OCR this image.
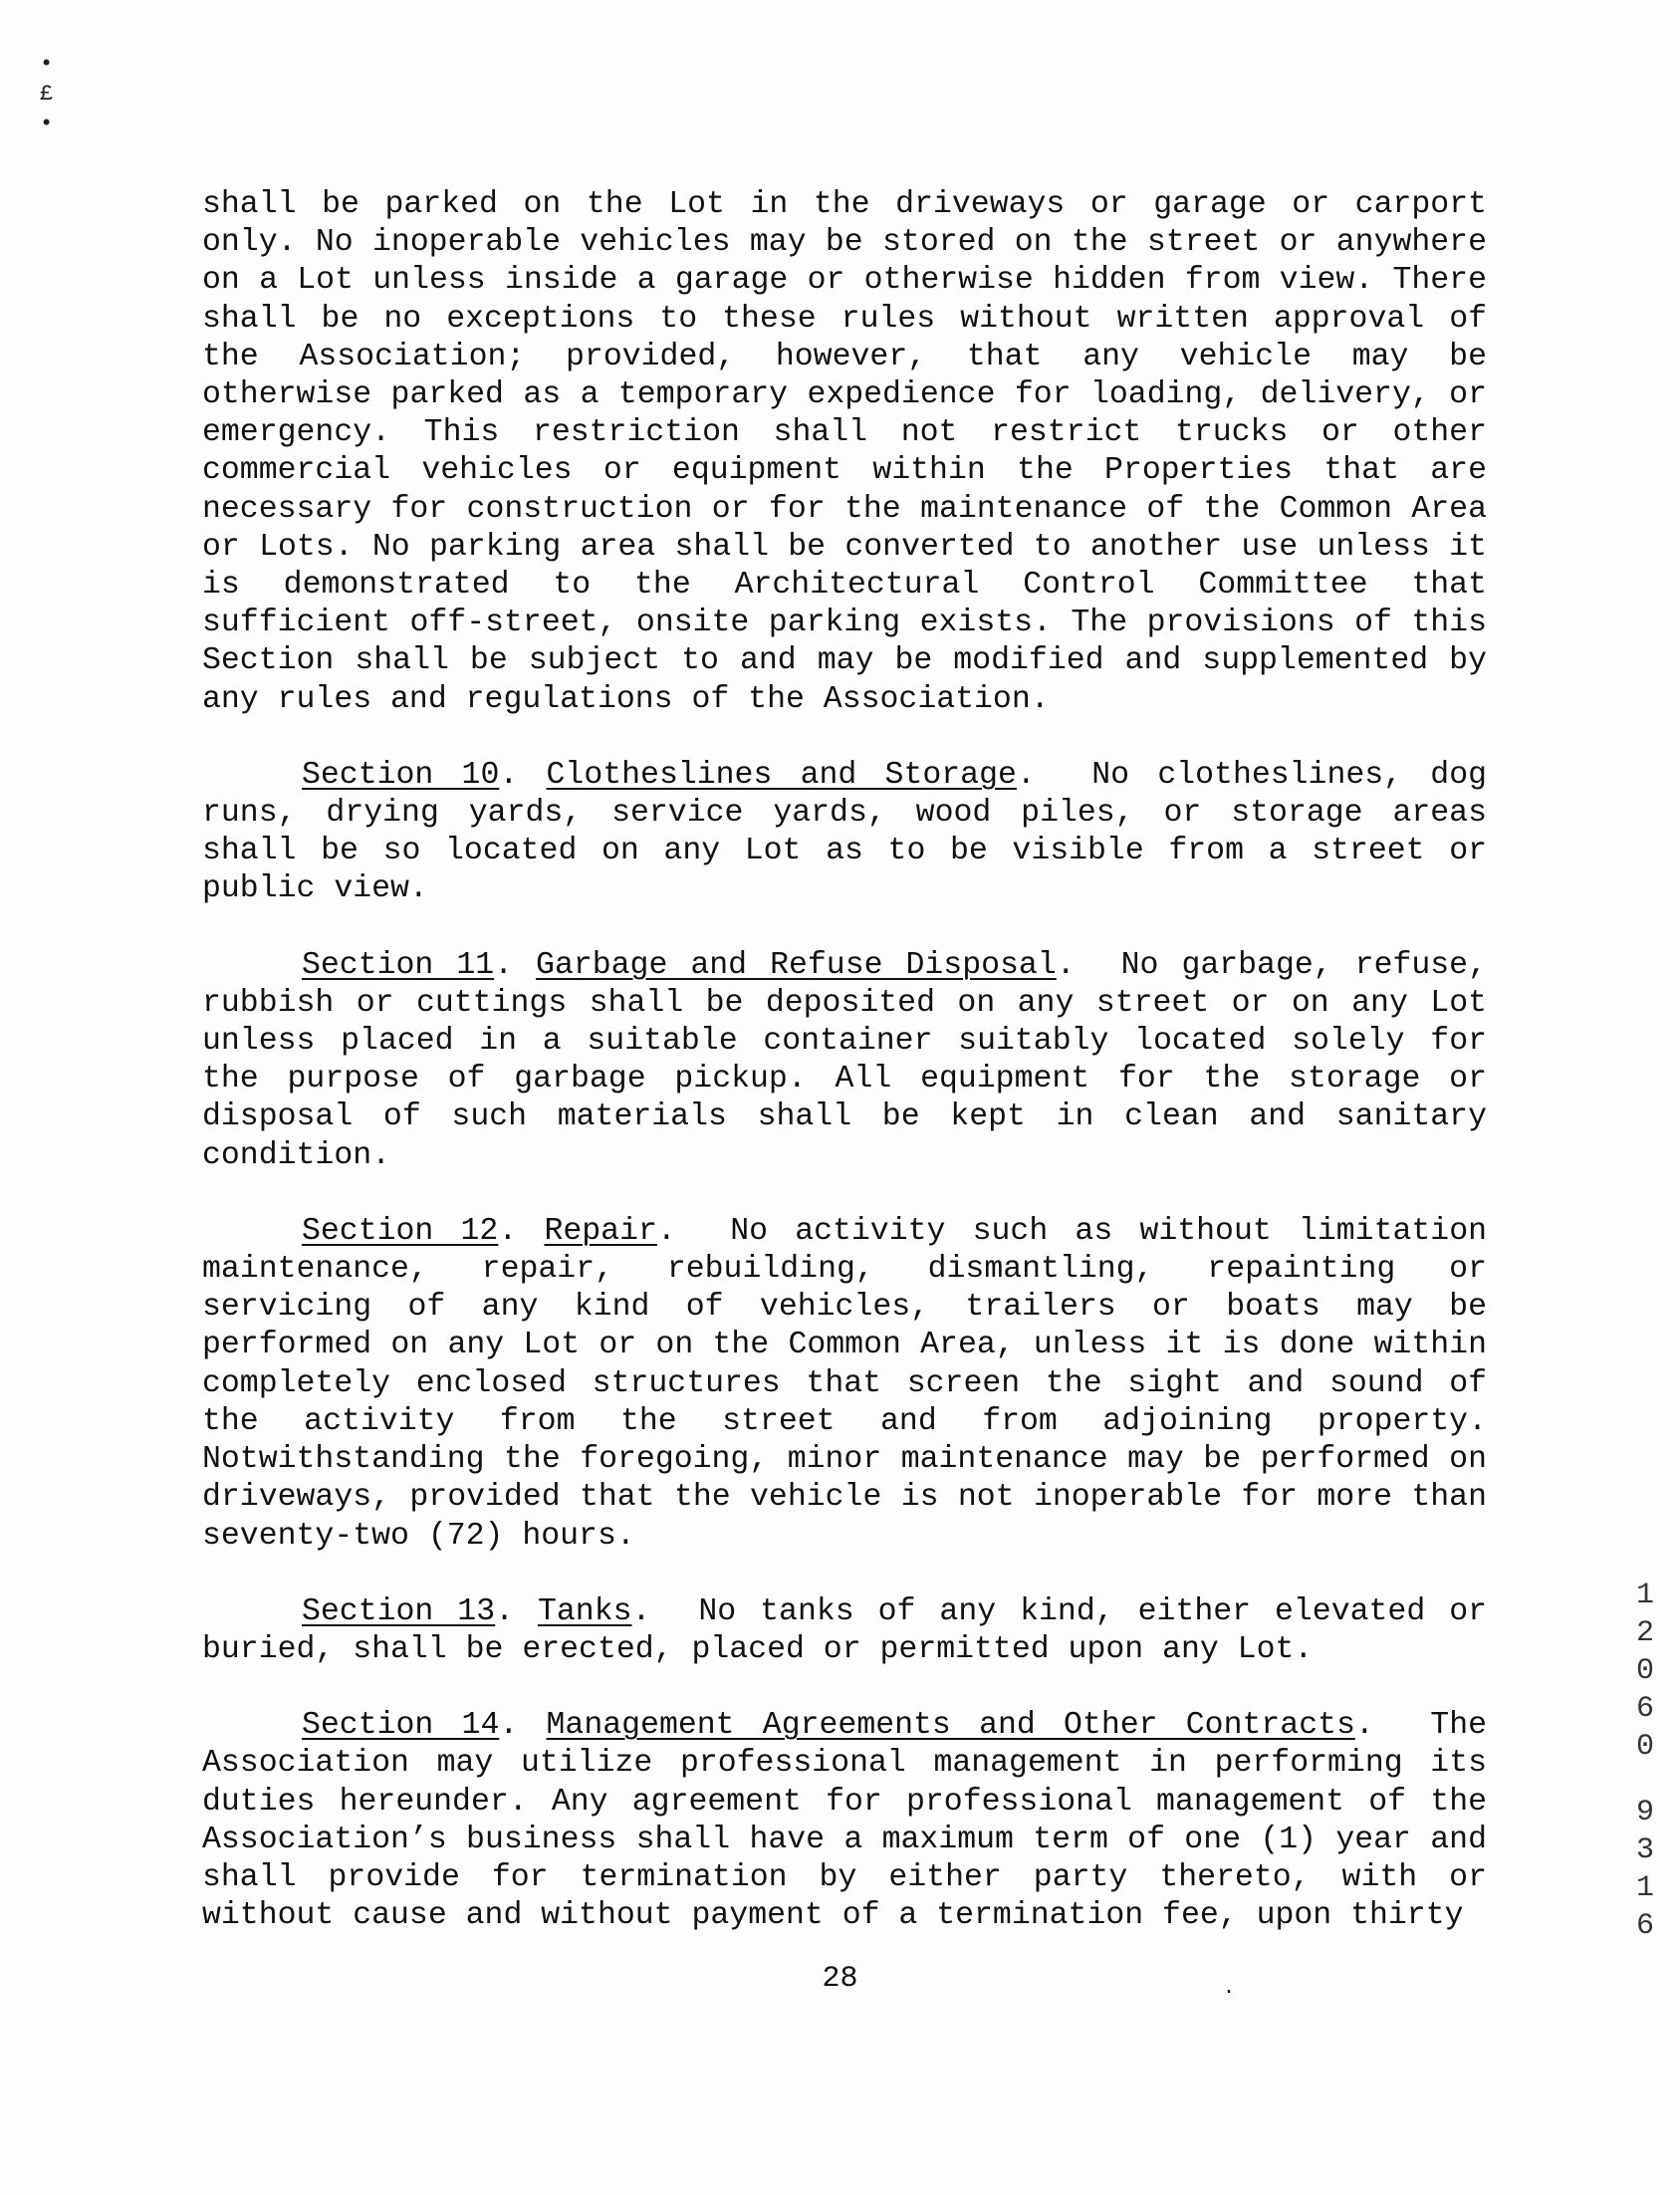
•
£
•

shall be parked on the Lot in the driveways or garage or carport only. No inoperable vehicles may be stored on the street or anywhere on a Lot unless inside a garage or otherwise hidden from view. There shall be no exceptions to these rules without written approval of the Association; provided, however, that any vehicle may be otherwise parked as a temporary expedience for loading, delivery, or emergency. This restriction shall not restrict trucks or other commercial vehicles or equipment within the Properties that are necessary for construction or for the maintenance of the Common Area or Lots. No parking area shall be converted to another use unless it is demonstrated to the Architectural Control Committee that sufficient off-street, onsite parking exists. The provisions of this Section shall be subject to and may be modified and supplemented by any rules and regulations of the Association.

Section 10. Clotheslines and Storage.  No clotheslines, dog runs, drying yards, service yards, wood piles, or storage areas shall be so located on any Lot as to be visible from a street or public view.

Section 11. Garbage and Refuse Disposal.  No garbage, refuse, rubbish or cuttings shall be deposited on any street or on any Lot unless placed in a suitable container suitably located solely for the purpose of garbage pickup. All equipment for the storage or disposal of such materials shall be kept in clean and sanitary condition.

Section 12. Repair.  No activity such as without limitation maintenance, repair, rebuilding, dismantling, repainting or servicing of any kind of vehicles, trailers or boats may be performed on any Lot or on the Common Area, unless it is done within completely enclosed structures that screen the sight and sound of the activity from the street and from adjoining property. Notwithstanding the foregoing, minor maintenance may be performed on driveways, provided that the vehicle is not inoperable for more than seventy-two (72) hours.

Section 13. Tanks.  No tanks of any kind, either elevated or buried, shall be erected, placed or permitted upon any Lot.

Section 14. Management Agreements and Other Contracts.  The Association may utilize professional management in performing its duties hereunder. Any agreement for professional management of the Association’s business shall have a maximum term of one (1) year and shall provide for termination by either party thereto, with or without cause and without payment of a termination fee, upon thirty

28	.
1
2
0
6
0
9
3
1
6
